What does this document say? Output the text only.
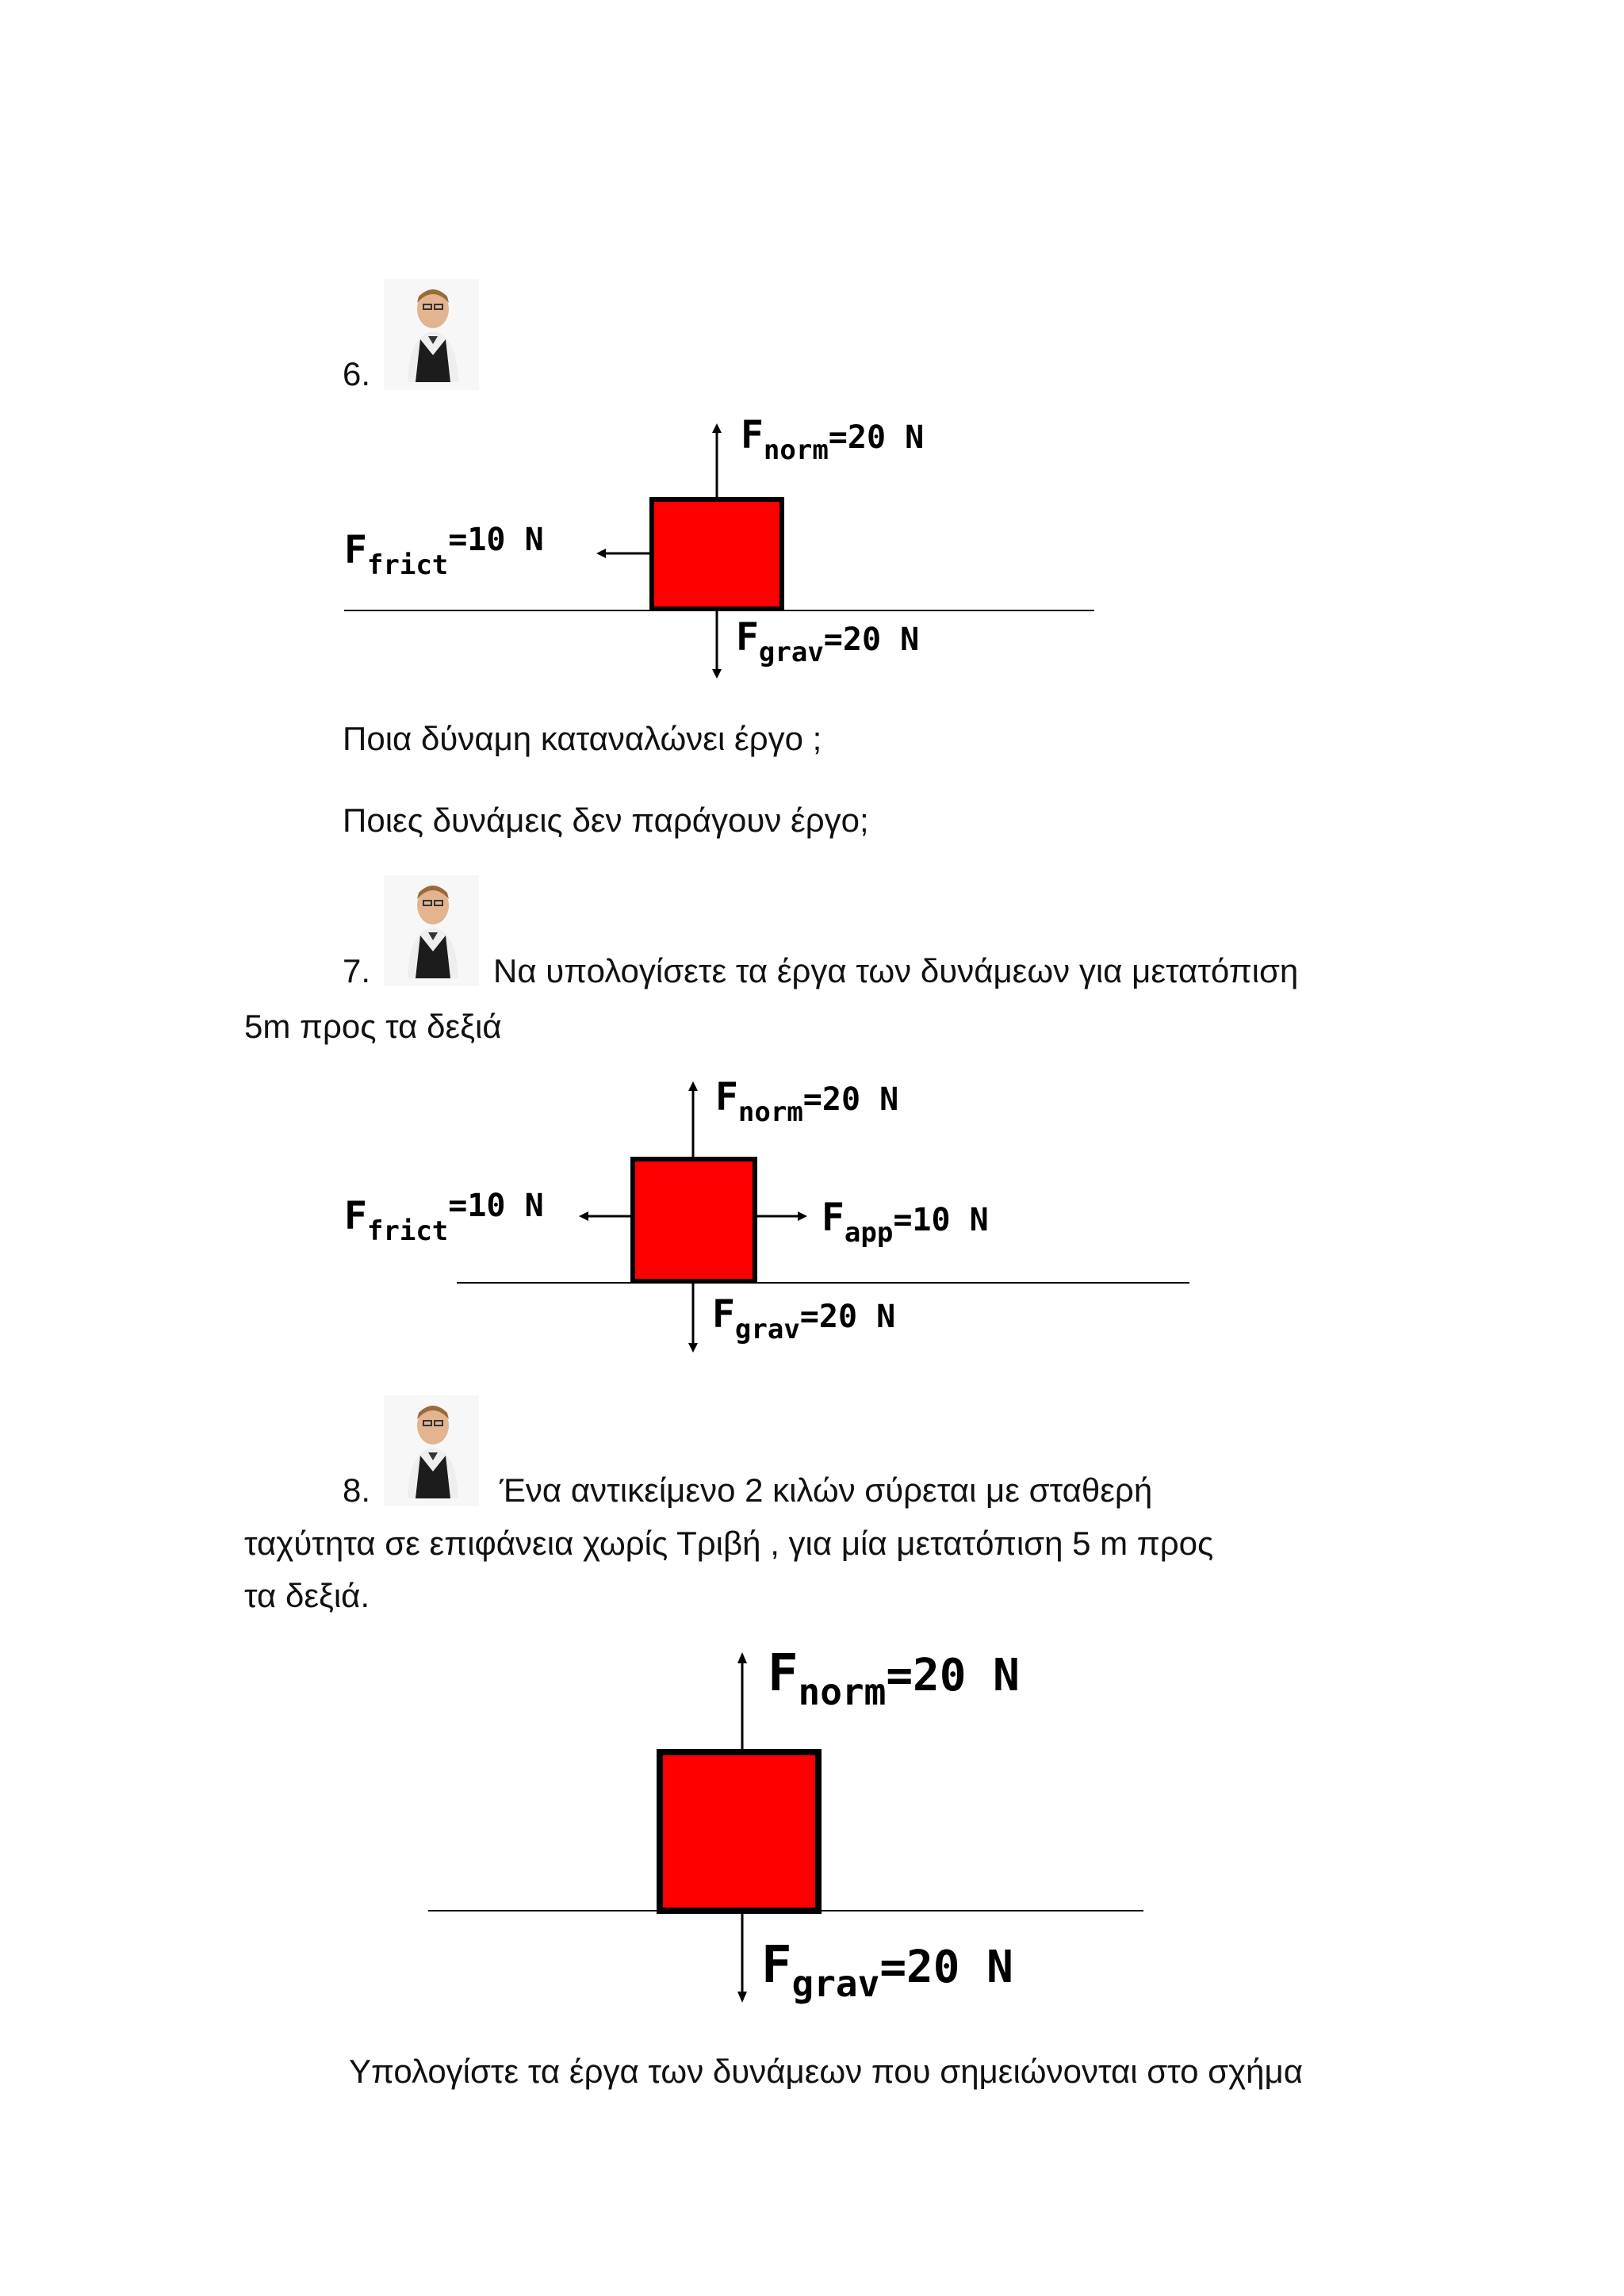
6.
$F_{norm}^{=20 N}$
$F_{frict}^{=10 N}$
$F_{grav}^{=20 N}$
Ποια δύναμη καταναλώνει έργο ;
Ποιες δυνάμεις δεν παράγουν έργο;
7.	Να υπολογίσετε τα έργα των δυνάμεων για μετατόπιση
5m προς τα δεξιά
$F_{norm}^{=20 N}$
$F_{frict}^{=10 N}$	$F_{app}^{=10 N}$
$F_{grav}^{=20 N}$
8.	Ένα αντικείμενο 2 κιλών σύρεται με σταθερή
ταχύτητα σε επιφάνεια χωρίς Τριβή , για μία μετατόπιση 5 m προς
τα δεξιά.
$F_{norm}=20$ N
$F_{grav}=20$ N
Υπολογίστε τα έργα των δυνάμεων που σημειώνονται στο σχήμα
